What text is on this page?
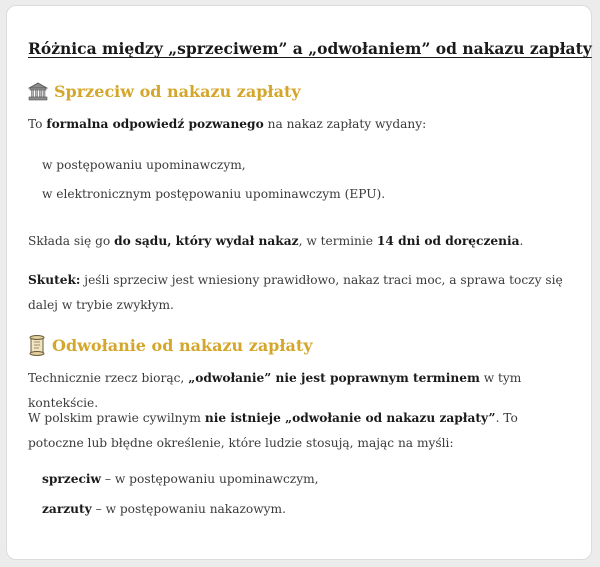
Różnica między „sprzeciwem” a „odwołaniem” od nakazu zapłaty
Sprzeciw od nakazu zapłaty
To formalna odpowiedź pozwanego na nakaz zapłaty wydany:
w postępowaniu upominawczym,
w elektronicznym postępowaniu upominawczym (EPU).
Składa się go do sądu, który wydał nakaz, w terminie 14 dni od doręczenia.
Skutek: jeśli sprzeciw jest wniesiony prawidłowo, nakaz traci moc, a sprawa toczy się dalej w trybie zwykłym.
Odwołanie od nakazu zapłaty
Technicznie rzecz biorąc, „odwołanie” nie jest poprawnym terminem w tym kontekście.
W polskim prawie cywilnym nie istnieje „odwołanie od nakazu zapłaty”. To potoczne lub błędne określenie, które ludzie stosują, mając na myśli:
sprzeciw – w postępowaniu upominawczym,
zarzuty – w postępowaniu nakazowym.
